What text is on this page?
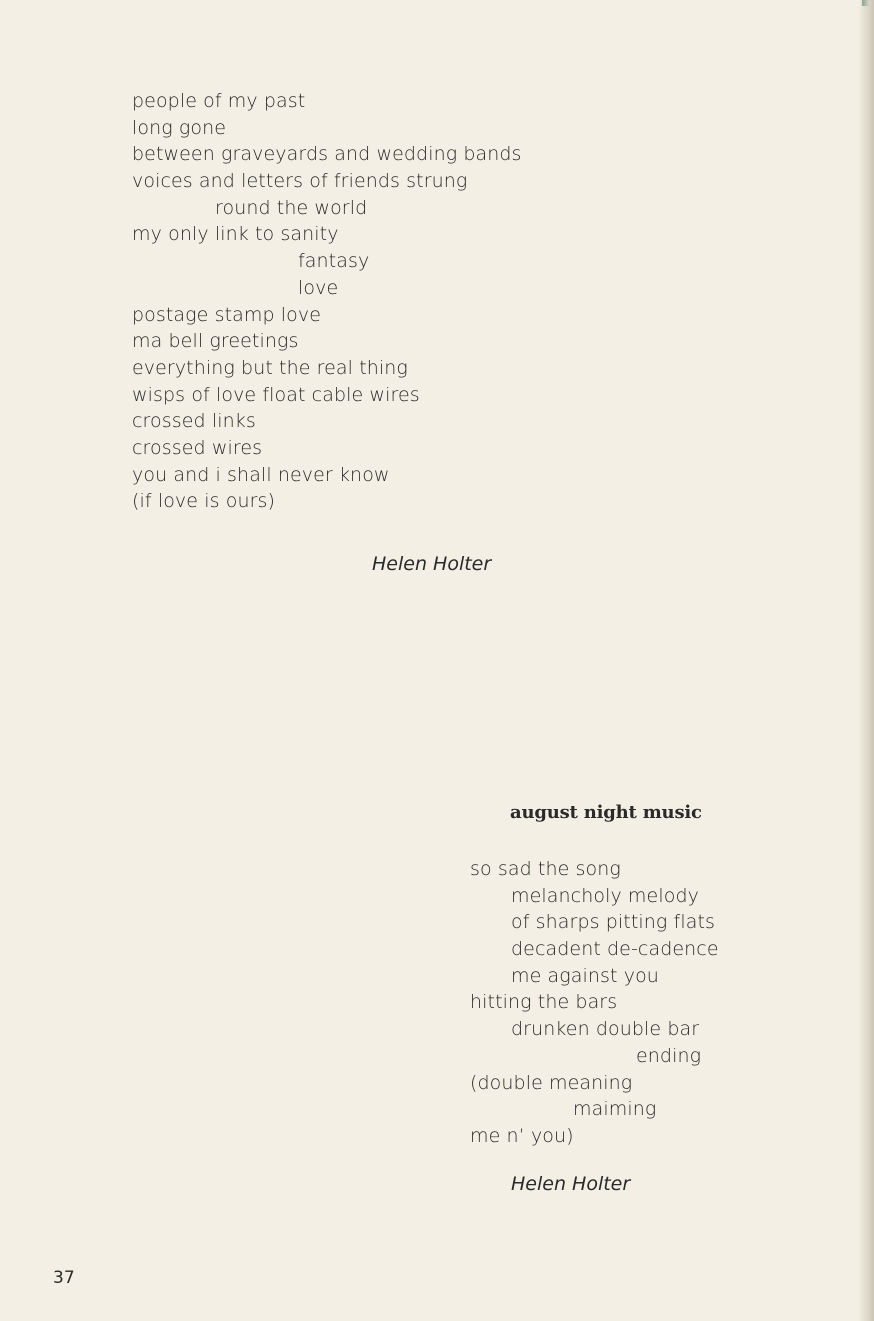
people of my past
long gone
between graveyards and wedding bands
voices and letters of friends strung
round the world
my only link to sanity
fantasy
love
postage stamp love
ma bell greetings
everything but the real thing
wisps of love float cable wires
crossed links
crossed wires
you and i shall never know
(if love is ours)
Helen Holter
august night music
so sad the song
melancholy melody
of sharps pitting flats
decadent de-cadence
me against you
hitting the bars
drunken double bar
ending
(double meaning
maiming
me n’ you)
Helen Holter
37
